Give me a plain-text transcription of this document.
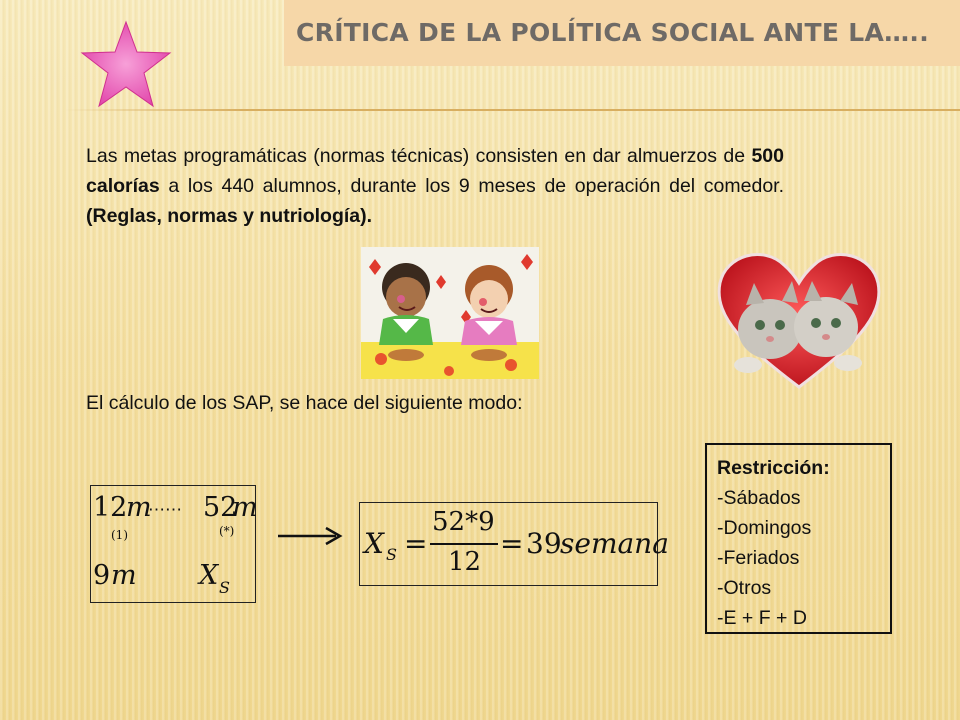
CRÍTICA DE LA POLÍTICA SOCIAL ANTE LA…..
Las metas programáticas (normas técnicas) consisten en dar almuerzos de 500 calorías a los 440 alumnos, durante los 9 meses de operación del comedor. (Reglas, normas y nutriología).
El cálculo de los SAP, se hace del siguiente modo:
12
m
⋯⋯ 52
m
(1)	(*)
9 m X S
X S =
52*9
12
= 39
semana
Restricción:
-Sábados
-Domingos
-Feriados
-Otros
-E + F + D
